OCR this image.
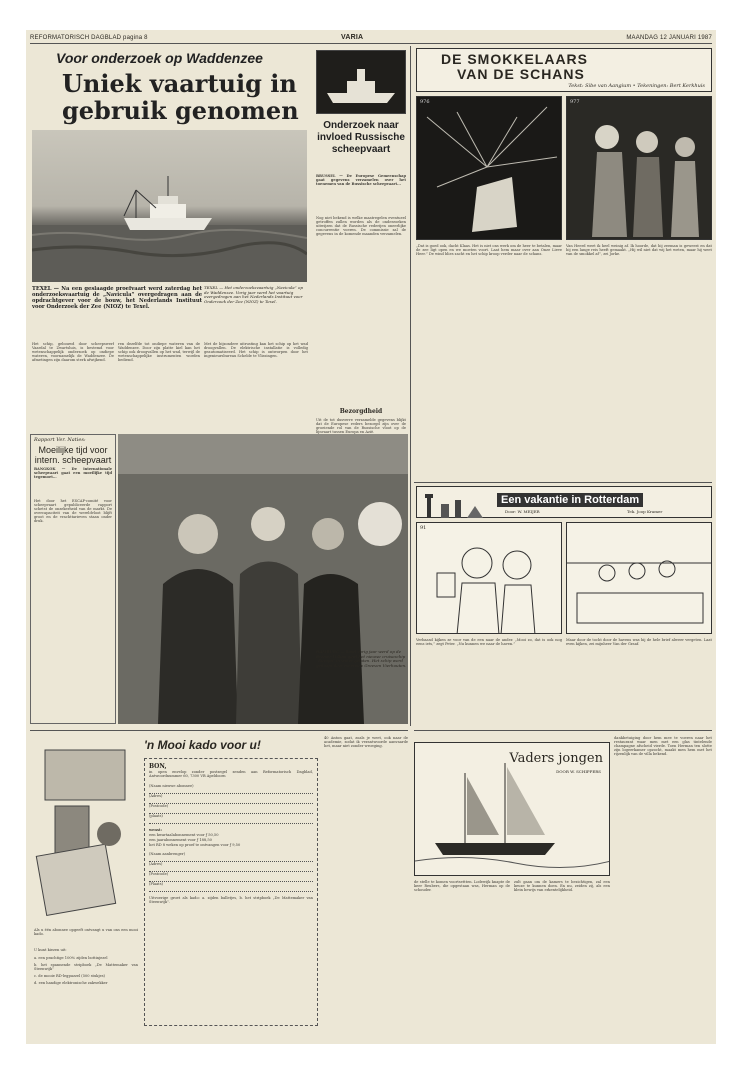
REFORMATORISCH DAGBLAD pagina 8	VARIA	MAANDAG 12 JANUARI 1987
Voor onderzoek op Waddenzee
Uniek vaartuig in gebruik genomen
TEXEL — Na een geslaagde proefvaart werd zaterdag het onderzoeksvaartuig de „Navicula” overgedragen aan de opdrachtgever voor de bouw, het Nederlands Instituut voor Onderzoek der Zee (NIOZ) te Texel.
Het schip, gebouwd door scheepswerf Vaardal te Zwartsluis, is bestemd voor wetenschappelijk onderzoek op ondiepe wateren, voornamelijk de Waddenzee. De afmetingen zijn daarom sterk afwijkend.
ren dezelfde tot ondiepe wateren van de Waddenzee. Door zijn platte kiel kan het schip ook droogvallen op het wad, terwijl de wetenschappelijke instrumenten worden bediend.
TEXEL — Het onderzoeksvaartuig „Navicula” op de Waddenzee. Vorig jaar werd het vaartuig overgedragen aan het Nederlands Instituut voor Onderzoek der Zee (NIOZ) te Texel.
Met de bijzondere uitrusting kan het schip op het wad droogvallen. De elektrische installatie is volledig geautomatiseerd. Het schip is ontworpen door het ingenieursbureau Schelde te Vlissingen.
Rapport Ver. Naties:
Moeilijke tijd voor intern. scheepvaart
BANGKOK — De internationale scheepvaart gaat een moeilijke tijd tegemoet...
Het door het ESCAP-comité voor scheepvaart gepubliceerde rapport schetst de onzekerheid van de markt. De overcapaciteit van de wereldvloot blijft groot en de vrachttarieven staan onder druk.
Onderzoek naar invloed Russische scheepvaart
BRUSSEL — De Europese Gemeenschap gaat gegevens verzamelen over het toenemen van de Russische scheepvaart...
Nog niet bekend is welke maatregelen eventueel getroffen zullen worden als de onderzoeken uitwijzen dat de Russische rederijen oneerlijke concurrentie voeren. De commissie zal de gegevens in de komende maanden verzamelen.
Bezorgdheid
Uit de tot dusverre verzamelde gegevens blijkt dat de Europese reders bezorgd zijn over de groeiende rol van de Russische vloot op de lijnvaart tussen Europa en Azië.
HAMBURG — Rond vorig jaar werd op de Bremer Vulkan gerd het nieuwe cruiseschip „Europa” in water gelaten. Het schip werd gedoopt door mevrouw Greeven Vierhouten.
DE SMOKKELAARS
VAN DE SCHANS
Tekst: Sibe van Aangium • Tekeningen: Bert Kerkhuis
976	977
„Dat is goed ook, dacht Klaas. Het is niet ons werk om de heer te betalen, maar de zee ligt open en we moeten voort. Laat hem maar over aan Onze Lieve Heer.” De wind blies zacht en het schip kroop verder naar de schans.
Van Heerd weet ik heel weinig af. Ik hoorde, dat hij zeeman is geweest en dat hij een lange reis heeft gemaakt. „Hij wil niet dat wij het weten, maar hij weet van de smokkel af”, zei Jorke.
Een vakantie in Rotterdam
Door: W. MEIJER	Tek. Joop Kramer
91
Verbaasd kijken ze voor van de een naar de ander. „Mooi zo, dat is ook nog eens iets,” zegt Peter. „Nu kunnen we naar de haven.”
Maar door de tocht door de havens was hij de hele brief alweer vergeten. Laat even kijken, zei mijnheer Van der Graaf.
Als u één abonnee opgeeft ontvangt u van ons een mooi kado.
U kunt kiezen uit:
a. een prachtige 100% zijden bottinjezel
b. het spannende stripboek „De Mattemaker van Steenwijk”
c. de mooie RD-legpuzzel (500 stukjes)
d. een handige elektronische zakwekker
'n Mooi kado voor u!
BON,
in open envelop zonder postzegel zenden aan Reformatorisch Dagblad, Antwoordnummer 60, 7300 VB Apeldoorn
(Naam nieuwe abonnee)
(Adres)
(Postcode)
(plaats)
wenst:
een kwartaalabonnement voor ƒ 50,50
een jaarabonnement voor ƒ 188,50
het RD 8 weken op proef te ontvangen voor ƒ 9,50
(Naam aanbrenger)
(Adres)
(Postcode)
(Plaats)
Uitvoerige groet als kado: a. zijden balletjes, b. het stripboek „De Mattemaker van Steenwijk”.
40 Anton gaat, zoals je weet, ook naar de academie, zodat ik verantwoorde aanvaarde het, maar niet zonder wroeging.
Vaders jongen
DOOR W. SCHIPPERS
de stelle te komen voortsettten. Lodewijk knapte de keer Reubers, die opgestaan was, Herman op de schouder.
zult gaan om de kamers te bezichtigen, zal een keuze te kunnen doen. En nu, zeiden zij, als een klein bewijs van erkentelijkheid.
dankbetuiging door hem mee te voeren naar het restaurant waar men met een glas tintelende champagne afscheid vierde. Toen Herman ten slotte zijn logeerkamer opzocht, maakt men hem met het rijzenlijk van de villa bekend.
